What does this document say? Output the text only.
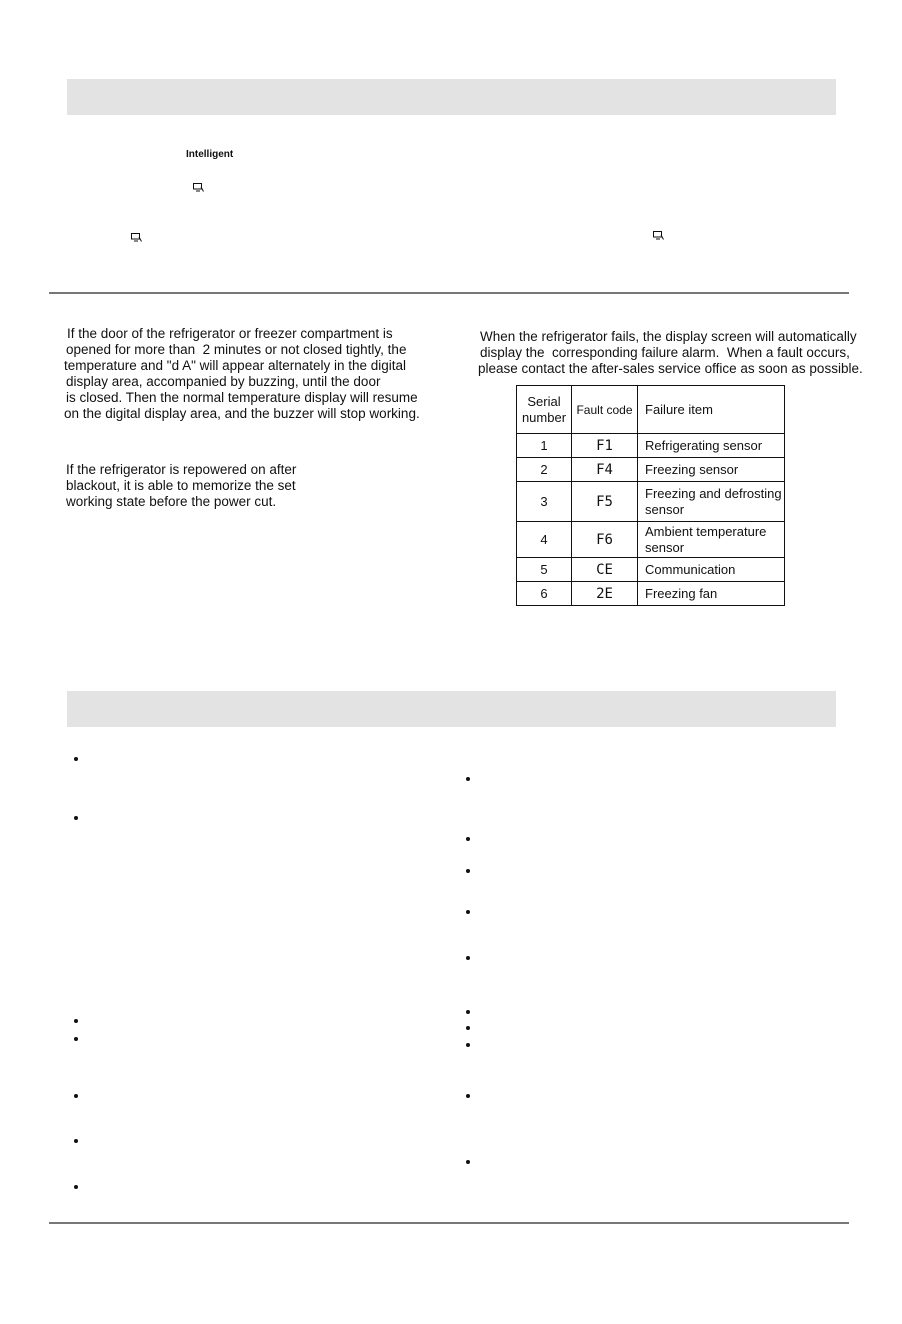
Intelligent
If the door of the refrigerator or freezer compartment is
opened for more than  2 minutes or not closed tightly, the
temperature and "d A" will appear alternately in the digital
display area, accompanied by buzzing, until the door
is closed. Then the normal temperature display will resume
on the digital display area, and the buzzer will stop working.
If the refrigerator is repowered on after
blackout, it is able to memorize the set
working state before the power cut.
When the refrigerator fails, the display screen will automatically
display the  corresponding failure alarm.  When a fault occurs,
please contact the after-sales service office as soon as possible.
Serial number	Fault code	Failure item
1	F1	Refrigerating sensor
2	F4	Freezing sensor
3	F5	Freezing and defrosting sensor
4	F6	Ambient temperature sensor
5	CE	Communication
6	2E	Freezing fan
